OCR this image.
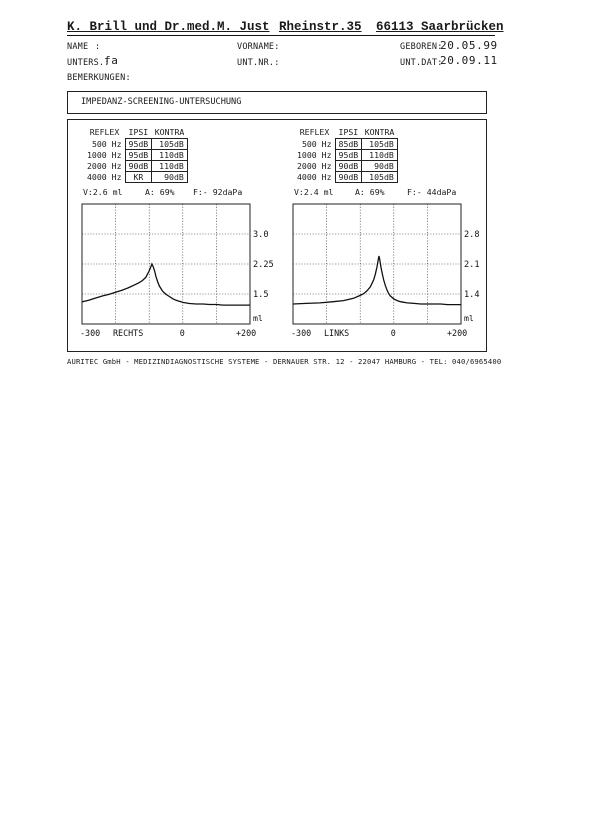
K. Brill und Dr.med.M. Just Rheinstr.35 66113 Saarbrücken
NAME :	VORNAME:	GEBOREN:
20.05.99
UNTERS.:
fa	UNT.NR.:	UNT.DAT:
20.09.11
BEMERKUNGEN:
IMPEDANZ-SCREENING-UNTERSUCHUNG
REFLEX	IPSI	KONTRA
500 Hz	95dB	105dB
1000 Hz	95dB	110dB
2000 Hz	90dB	110dB
4000 Hz	KR	90dB
V:2.6 ml	A: 69% F:- 92daPa
REFLEX	IPSI	KONTRA
500 Hz	85dB	105dB
1000 Hz	95dB	110dB
2000 Hz	90dB	90dB
4000 Hz	90dB	105dB
V:2.4 ml	A: 69%	F:- 44daPa
3.0
2.25
1.5
ml
-300 RECHTS	0	+200
2.8
2.1
1.4
ml
-300 LINKS	0	+200
AURITEC GmbH - MEDIZINDIAGNOSTISCHE SYSTEME - DERNAUER STR. 12 - 22047 HAMBURG - TEL: 040/6965400
